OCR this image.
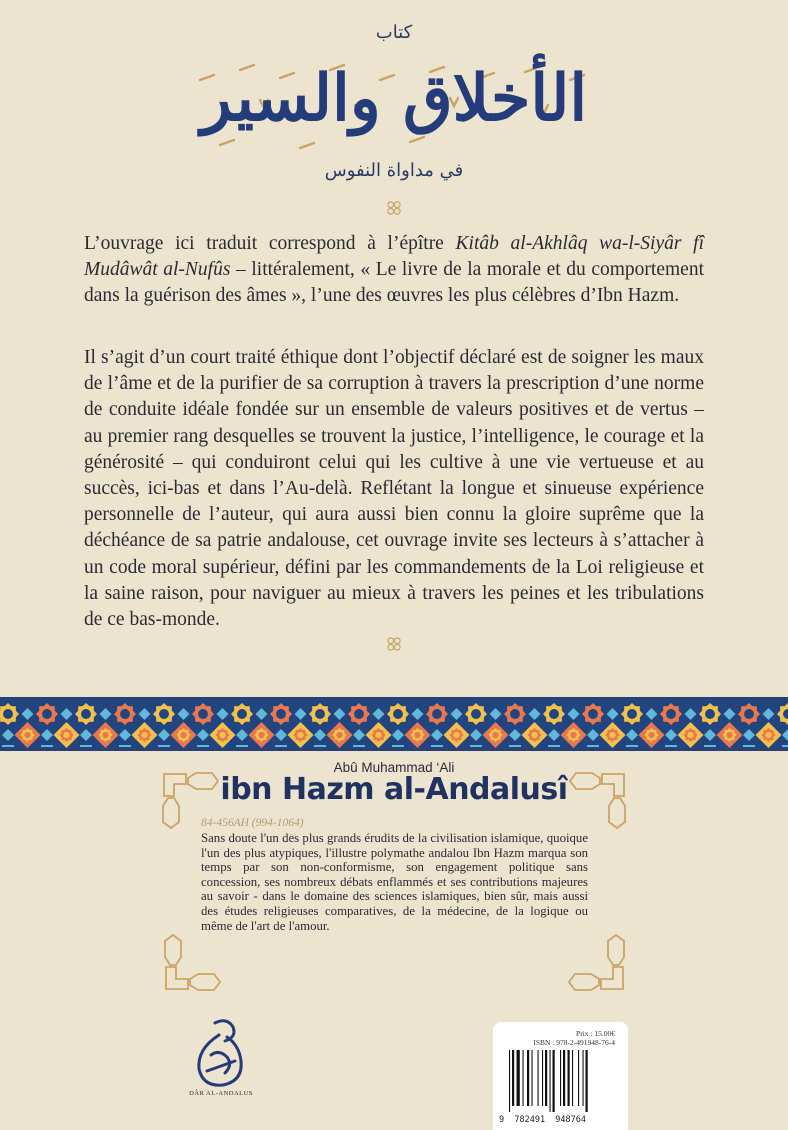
كتاب
الأخلاق والسير
في مداواة النفوس

L’ouvrage ici traduit correspond à l’épître Kitâb al-Akhlâq wa-l-Siyâr fî Mudâwât al-Nufûs – littéralement, « Le livre de la morale et du comportement dans la guérison des âmes », l’une des œuvres les plus célèbres d’Ibn Hazm.

Il s’agit d’un court traité éthique dont l’objectif déclaré est de soigner les maux de l’âme et de la purifier de sa corruption à travers la prescription d’une norme de conduite idéale fondée sur un ensemble de valeurs positives et de vertus – au premier rang desquelles se trouvent la justice, l’intelligence, le courage et la générosité – qui conduiront celui qui les cultive à une vie vertueuse et au succès, ici-bas et dans l’Au-delà. Reflétant la longue et sinueuse expérience personnelle de l’auteur, qui aura aussi bien connu la gloire suprême que la déchéance de sa patrie andalouse, cet ouvrage invite ses lecteurs à s’attacher à un code moral supérieur, défini par les commandements de la Loi religieuse et la saine raison, pour naviguer au mieux à travers les peines et les tribulations de ce bas-monde.

Abû Muhammad ‘Ali
ibn Hazm al-Andalusî
84-456AH (994-1064)

Sans doute l'un des plus grands érudits de la civilisation islamique, quoique l'un des plus atypiques, l'illustre polymathe andalou Ibn Hazm marqua son temps par son non-conformisme, son engagement politique sans concession, ses nombreux débats enflammés et ses contributions majeures au savoir - dans le domaine des sciences islamiques, bien sûr, mais aussi des études religieuses comparatives, de la médecine, de la logique ou même de l'art de l'amour.

DÂR AL-ANDALUS
Prix : 15.00€
ISBN : 978-2-491948-76-4
9  782491  948764
